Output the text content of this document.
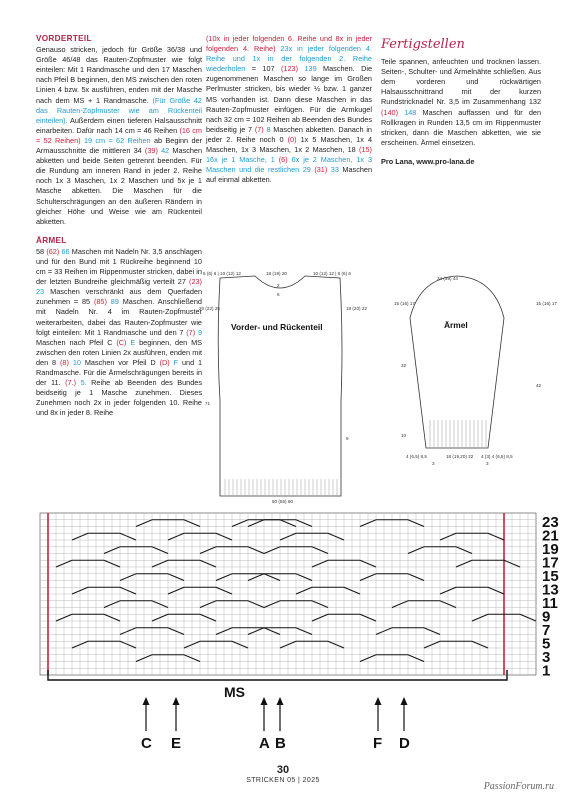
VORDERTEIL

Genauso stricken, jedoch für Größe 36/38 und Größe 46/48 das Rauten-Zopfmuster wie folgt einteilen: Mit 1 Randmasche und den 17 Maschen nach Pfeil B beginnen, den MS zwischen den roten Linien 4 bzw. 5x ausführen, enden mit der Masche nach dem MS + 1 Randmasche. (Für Größe 42 das Rauten-Zopfmuster wie am Rückenteil einteilen). Außerdem einen tieferen Halsausschnitt einarbeiten. Dafür nach 14 cm = 46 Reihen (16 cm = 52 Reihen) 19 cm = 62 Reihen ab Beginn der Armausschnitte die mittleren 34 (39) 42 Maschen abketten und beide Seiten getrennt beenden. Für die Rundung am inneren Rand in jeder 2. Reihe noch 1x 3 Maschen, 1x 2 Maschen und 5x je 1 Masche abketten. Die Maschen für die Schulterschrägungen an den äußeren Rändern in gleicher Höhe und Weise wie am Rückenteil abketten.

ÄRMEL

58 (62) 66 Maschen mit Nadeln Nr. 3,5 anschlagen und für den Bund mit 1 Rückreihe beginnend 10 cm = 33 Reihen im Rippenmuster stricken, dabei in der letzten Bundreihe gleichmäßig verteilt 27 (23) 23 Maschen verschränkt aus dem Querfaden zunehmen = 85 (85) 89 Maschen. Anschließend mit Nadeln Nr. 4 im Rauten-Zopfmuster weiterarbeiten, dabei das Rauten-Zopfmuster wie folgt einteilen: Mit 1 Randmasche und den 7 (7) 9 Maschen nach Pfeil C (C) E beginnen, den MS zwischen den roten Linien 2x ausführen, enden mit den 8 (8) 10 Maschen vor Pfeil D (D) F und 1 Randmasche. Für die Ärmelschrägungen bereits in der 11. (7.) 5. Reihe ab Beenden des Bundes beidseitig je 1 Masche zunehmen. Dieses Zunehmen noch 2x in jeder folgenden 10. Reihe und 8x in jeder 8. Reihe

(10x in jeder folgenden 6. Reihe und 8x in jeder folgenden 4. Reihe) 23x in jeder folgenden 4. Reihe und 1x in der folgenden 2. Reihe wiederholen = 107 (123) 139 Maschen. Die zugenommenen Maschen so lange im Großen Perlmuster stricken, bis wieder ½ bzw. 1 ganzer MS vorhanden ist. Dann diese Maschen in das Rauten-Zopfmuster einfügen. Für die Armkugel nach 32 cm = 102 Reihen ab Beenden des Bundes beidseitig je 7 (7) 8 Maschen abketten. Danach in jeder 2. Reihe noch 0 (0) 1x 5 Maschen, 1x 4 Maschen, 1x 3 Maschen, 1x 2 Maschen, 18 (15) 16x je 1 Masche, 1 (6) 6x je 2 Maschen, 1x 3 Maschen und die restlichen 29 (31) 33 Maschen auf einmal abketten.

Fertigstellen

Teile spannen, anfeuchten und trocknen lassen. Seiten-, Schulter- und Ärmelnähte schließen. Aus dem vorderen und rückwärtigen Halsausschnittrand mit der kurzen Rundstricknadel Nr. 3,5 im Zusammenhang 132 (140) 148 Maschen auffassen und für den Rollkragen in Runden 13,5 cm im Rippenmuster stricken, dann die Maschen abketten, wie sie erscheinen. Ärmel einsetzen.

Pro Lana, www.pro-lana.de

6 (6) 6 | 10 (12) 12	18 (19) 20	10 (12) 12 | 6 (6) 6
2
6
20 (22) 25
71
19 (20) 22
9
50 (55) 60
Vorder- und Rückenteil
34 (39) 44
15 (16) 17
32
10
15 (16) 17
42
4 (6,5) 8,5	18 (19,20) 22 4 (3) 4 (6,5) 8,5
3	3
Ärmel
23
21
19
17
15
13
11
9
7
5
3
1
MS
C E	A B	F D
30
STRICKEN 05 | 2025
PassionForum.ru
